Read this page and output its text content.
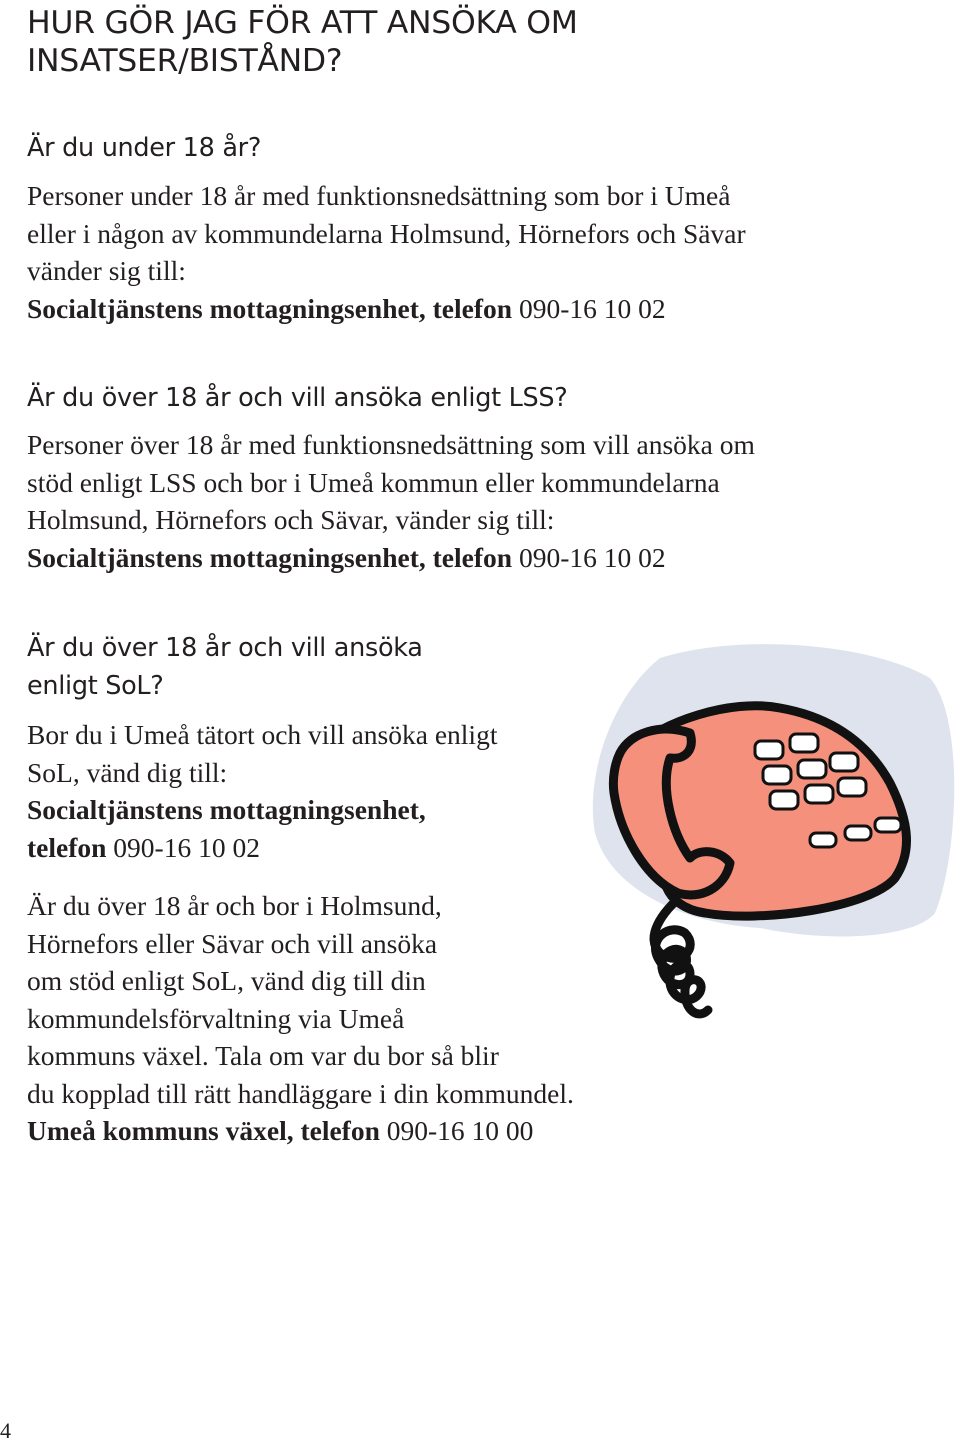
HUR GÖR JAG FÖR ATT ANSÖKA OM
INSATSER/BISTÅND?
Är du under 18 år?

Personer under 18 år med funktionsnedsättning som bor i Umeå
eller i någon av kommundelarna Holmsund, Hörnefors och Sävar
vänder sig till:
Socialtjänstens mottagningsenhet, telefon 090-16 10 02

Är du över 18 år och vill ansöka enligt LSS?

Personer över 18 år med funktionsnedsättning som vill ansöka om
stöd enligt LSS och bor i Umeå kommun eller kommundelarna
Holmsund, Hörnefors och Sävar, vänder sig till:
Socialtjänstens mottagningsenhet, telefon 090-16 10 02

Är du över 18 år och vill ansöka
enligt SoL?

Bor du i Umeå tätort och vill ansöka enligt
SoL, vänd dig till:
Socialtjänstens mottagningsenhet,
telefon 090-16 10 02

Är du över 18 år och bor i Holmsund,
Hörnefors eller Sävar och vill ansöka
om stöd enligt SoL, vänd dig till din
kommundelsförvaltning via Umeå
kommuns växel. Tala om var du bor så blir
du kopplad till rätt handläggare i din kommundel.
Umeå kommuns växel, telefon 090-16 10 00

4
